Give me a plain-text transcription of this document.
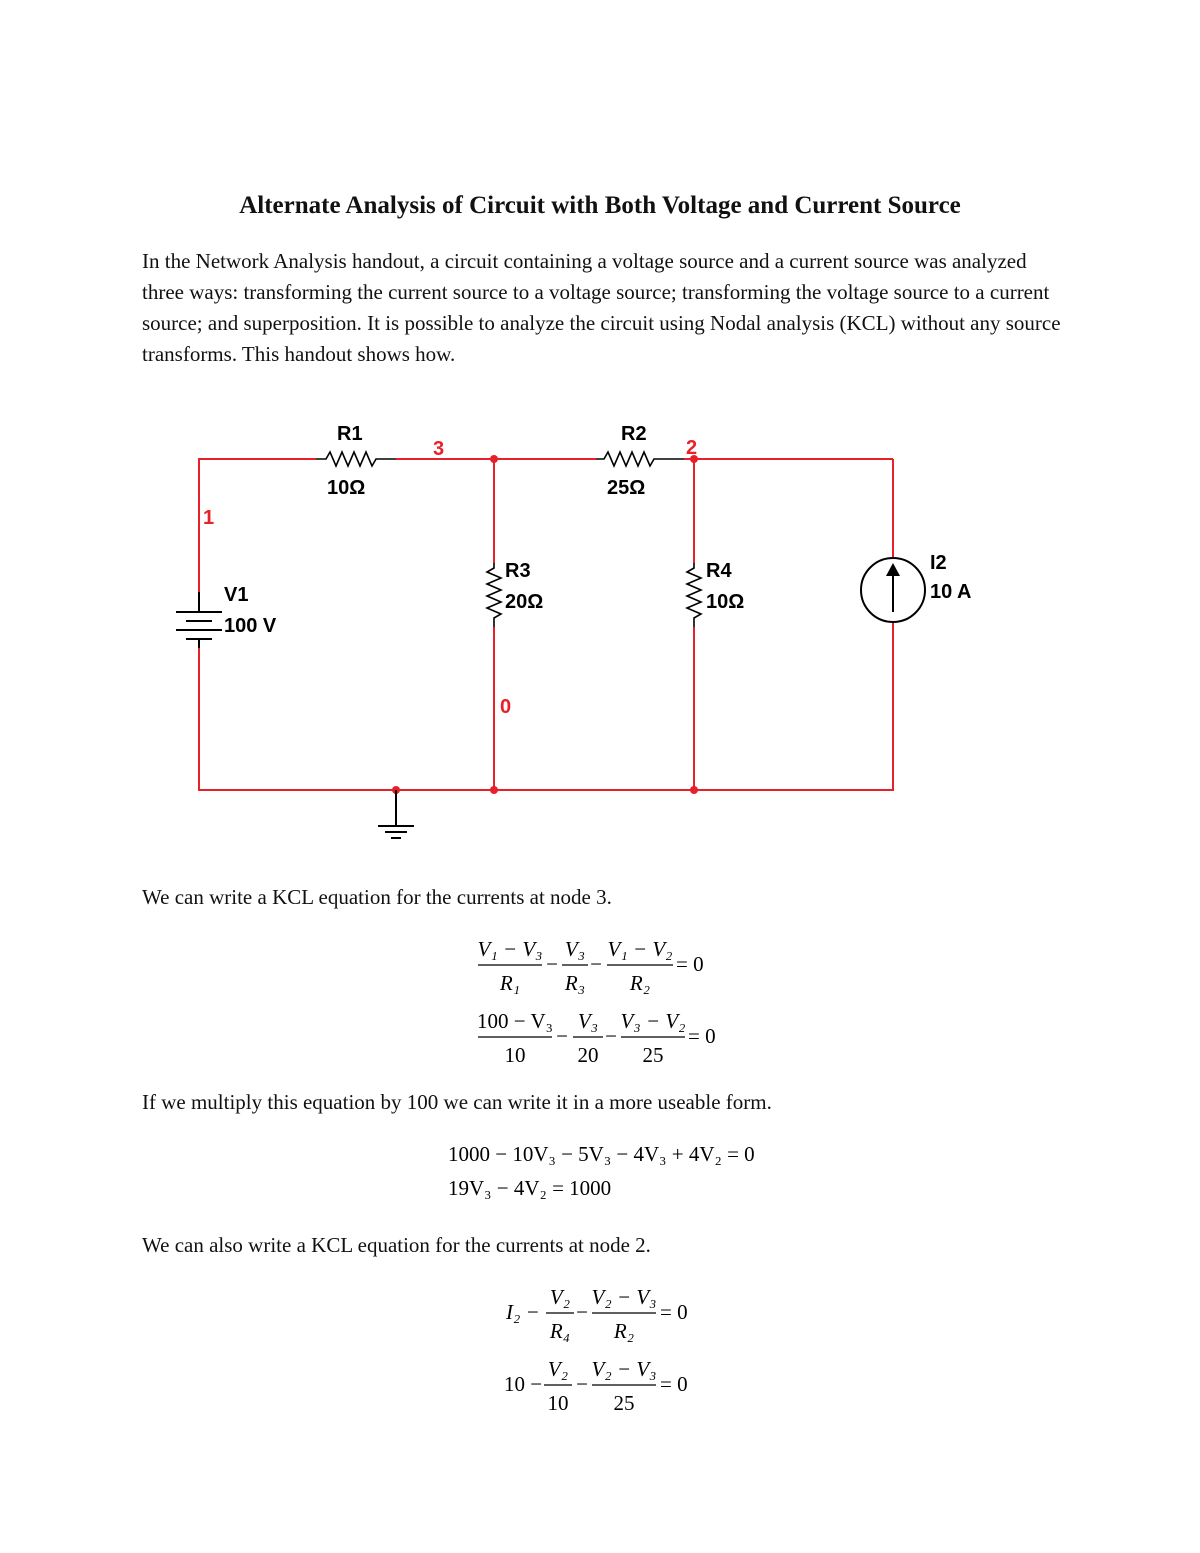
Alternate Analysis of Circuit with Both Voltage and Current Source

In the Network Analysis handout, a circuit containing a voltage source and a current source was analyzed three ways: transforming the current source to a voltage source; transforming the voltage source to a current source; and superposition. It is possible to analyze the circuit using Nodal analysis (KCL) without any source transforms. This handout shows how.

R1
10Ω
R2
25Ω
R3
20Ω
R4
10Ω
V1
100 V
I2
10 A
1
2
3
0

We can write a KCL equation for the currents at node 3.

V₁ − V₃
R₁
−
V₃
R₃
−
V₁ − V₂
R₂
= 0
100 − V₃
10
−
V₃
20
−
V₃ − V₂
25
= 0

If we multiply this equation by 100 we can write it in a more useable form.

1000 − 10V₃ − 5V₃ − 4V₃ + 4V₂ = 0
19V₃ − 4V₂ = 1000

We can also write a KCL equation for the currents at node 2.

I₂ −
V₂
R₄
−
V₂ − V₃
R₂
= 0
10 −
V₂
10
−
V₂ − V₃
25
= 0
